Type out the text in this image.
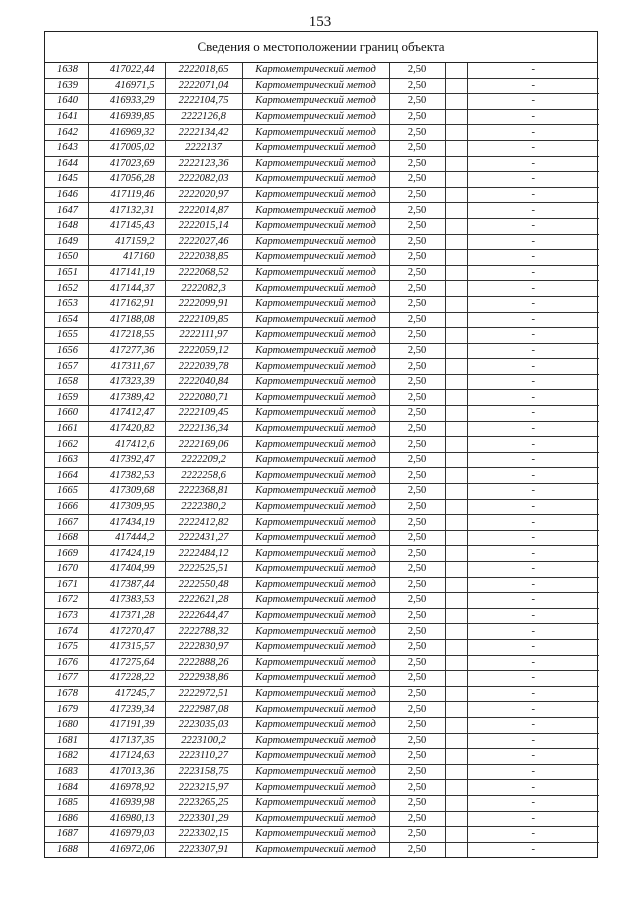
153
Сведения о местоположении границ объекта
1638	417022,44	2222018,65	Картометрический метод	2,50		-
1639	416971,5	2222071,04	Картометрический метод	2,50		-
1640	416933,29	2222104,75	Картометрический метод	2,50		-
1641	416939,85	2222126,8	Картометрический метод	2,50		-
1642	416969,32	2222134,42	Картометрический метод	2,50		-
1643	417005,02	2222137	Картометрический метод	2,50		-
1644	417023,69	2222123,36	Картометрический метод	2,50		-
1645	417056,28	2222082,03	Картометрический метод	2,50		-
1646	417119,46	2222020,97	Картометрический метод	2,50		-
1647	417132,31	2222014,87	Картометрический метод	2,50		-
1648	417145,43	2222015,14	Картометрический метод	2,50		-
1649	417159,2	2222027,46	Картометрический метод	2,50		-
1650	417160	2222038,85	Картометрический метод	2,50		-
1651	417141,19	2222068,52	Картометрический метод	2,50		-
1652	417144,37	2222082,3	Картометрический метод	2,50		-
1653	417162,91	2222099,91	Картометрический метод	2,50		-
1654	417188,08	2222109,85	Картометрический метод	2,50		-
1655	417218,55	2222111,97	Картометрический метод	2,50		-
1656	417277,36	2222059,12	Картометрический метод	2,50		-
1657	417311,67	2222039,78	Картометрический метод	2,50		-
1658	417323,39	2222040,84	Картометрический метод	2,50		-
1659	417389,42	2222080,71	Картометрический метод	2,50		-
1660	417412,47	2222109,45	Картометрический метод	2,50		-
1661	417420,82	2222136,34	Картометрический метод	2,50		-
1662	417412,6	2222169,06	Картометрический метод	2,50		-
1663	417392,47	2222209,2	Картометрический метод	2,50		-
1664	417382,53	2222258,6	Картометрический метод	2,50		-
1665	417309,68	2222368,81	Картометрический метод	2,50		-
1666	417309,95	2222380,2	Картометрический метод	2,50		-
1667	417434,19	2222412,82	Картометрический метод	2,50		-
1668	417444,2	2222431,27	Картометрический метод	2,50		-
1669	417424,19	2222484,12	Картометрический метод	2,50		-
1670	417404,99	2222525,51	Картометрический метод	2,50		-
1671	417387,44	2222550,48	Картометрический метод	2,50		-
1672	417383,53	2222621,28	Картометрический метод	2,50		-
1673	417371,28	2222644,47	Картометрический метод	2,50		-
1674	417270,47	2222788,32	Картометрический метод	2,50		-
1675	417315,57	2222830,97	Картометрический метод	2,50		-
1676	417275,64	2222888,26	Картометрический метод	2,50		-
1677	417228,22	2222938,86	Картометрический метод	2,50		-
1678	417245,7	2222972,51	Картометрический метод	2,50		-
1679	417239,34	2222987,08	Картометрический метод	2,50		-
1680	417191,39	2223035,03	Картометрический метод	2,50		-
1681	417137,35	2223100,2	Картометрический метод	2,50		-
1682	417124,63	2223110,27	Картометрический метод	2,50		-
1683	417013,36	2223158,75	Картометрический метод	2,50		-
1684	416978,92	2223215,97	Картометрический метод	2,50		-
1685	416939,98	2223265,25	Картометрический метод	2,50		-
1686	416980,13	2223301,29	Картометрический метод	2,50		-
1687	416979,03	2223302,15	Картометрический метод	2,50		-
1688	416972,06	2223307,91	Картометрический метод	2,50		-
